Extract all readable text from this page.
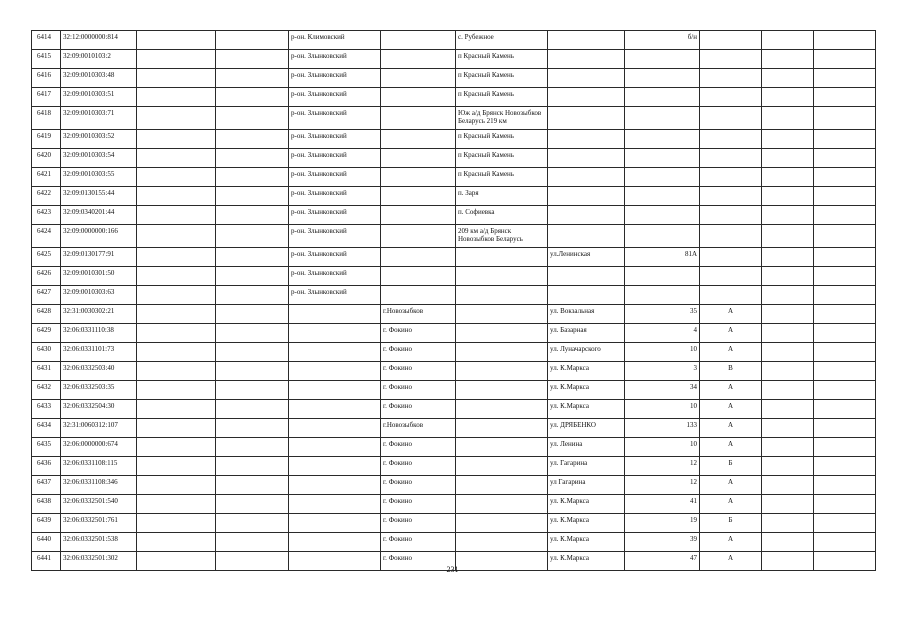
6414	32:12:0000000:814			р-он. Климовский		с. Рубежное		б/н			
6415	32:09:0010103:2			р-он. Злынковский		п Красный Камень					
6416	32:09:0010303:48			р-он. Злынковский		п Красный Камень					
6417	32:09:0010303:51			р-он. Злынковский		п Красный Камень					
6418	32:09:0010303:71			р-он. Злынковский		Юж а/д Брянск Новозыбков Беларусь 219 км					
6419	32:09:0010303:52			р-он. Злынковский		п Красный Камень					
6420	32:09:0010303:54			р-он. Злынковский		п Красный Камень					
6421	32:09:0010303:55			р-он. Злынковский		п Красный Камень					
6422	32:09:0130155:44			р-он. Злынковский		п. Заря					
6423	32:09:0340201:44			р-он. Злынковский		п. Софиевка					
6424	32:09:0000000:166			р-он. Злынковский		209 км а/д Брянск Новозыбков Беларусь					
6425	32:09:0130177:91			р-он. Злынковский			ул.Ленинская	81А			
6426	32:09:0010301:50			р-он. Злынковский							
6427	32:09:0010303:63			р-он. Злынковский							
6428	32:31:0030302:21				г.Новозыбков		ул. Вокзальная	35	А		
6429	32:06:0331110:38				г. Фокино		ул. Базарная	4	А		
6430	32:06:0331101:73				г. Фокино		ул. Луначарского	10	А		
6431	32:06:0332503:40				г. Фокино		ул. К.Маркса	3	В		
6432	32:06:0332503:35				г. Фокино		ул. К.Маркса	34	А		
6433	32:06:0332504:30				г. Фокино		ул. К.Маркса	10	А		
6434	32:31:0060312:107				г.Новозыбков		ул. ДРЯБЕНКО	133	А		
6435	32:06:0000000:674				г. Фокино		ул. Ленина	10	А		
6436	32:06:0331108:115				г. Фокино		ул. Гагарина	12	Б		
6437	32:06:0331108:346				г. Фокино		ул Гагарина	12	А		
6438	32:06:0332501:540				г. Фокино		ул. К.Маркса	41	А		
6439	32:06:0332501:761				г. Фокино		ул. К.Маркса	19	Б		
6440	32:06:0332501:538				г. Фокино		ул. К.Маркса	39	А		
6441	32:06:0332501:302				г. Фокино		ул. К.Маркса	47	А		
231
